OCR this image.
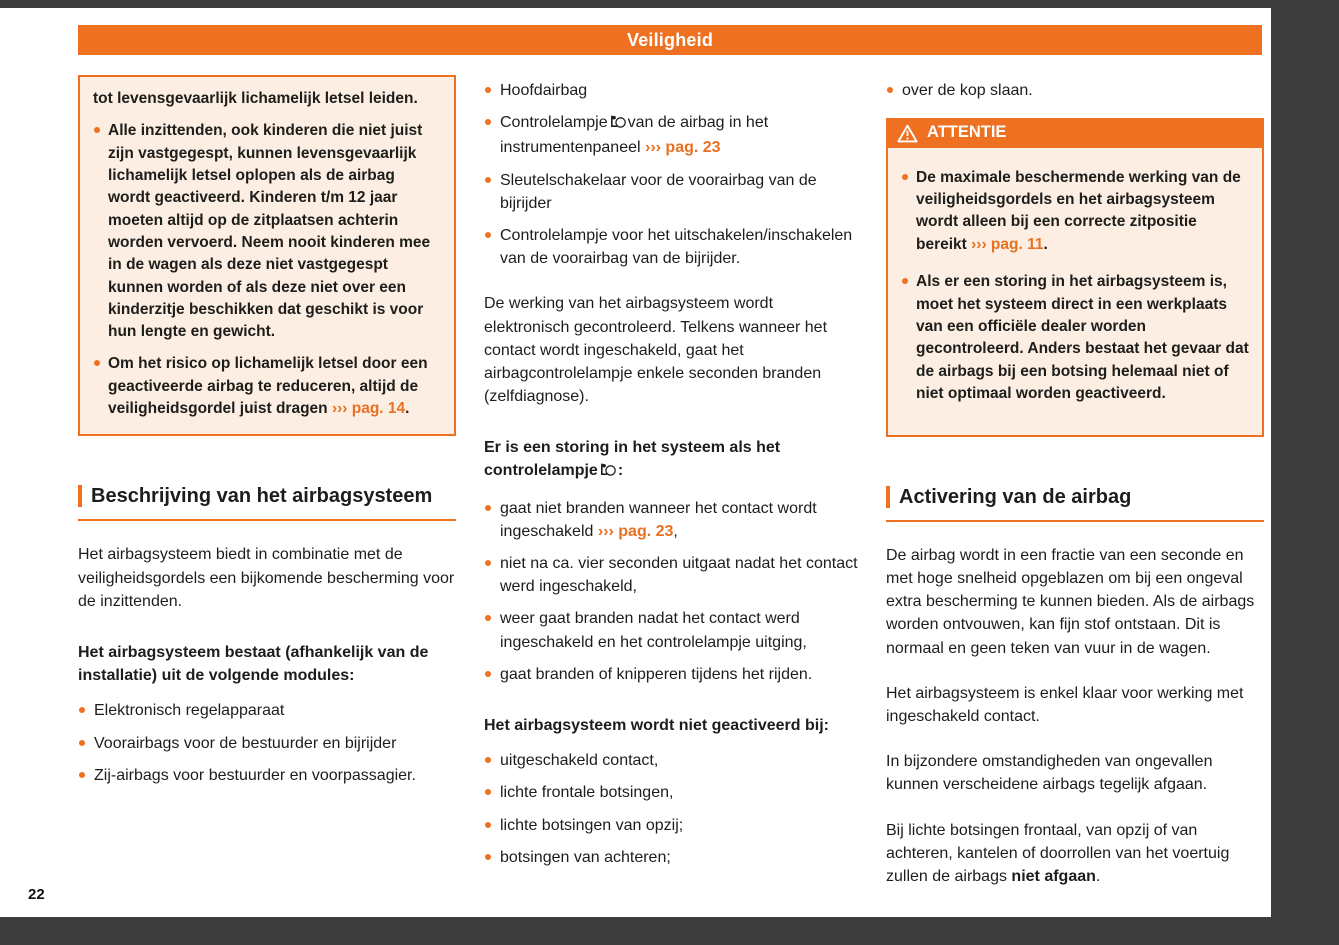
Veiligheid

tot levensgevaarlijk lichamelijk letsel leiden.

Alle inzittenden, ook kinderen die niet juist zijn vastgegespt, kunnen levensgevaarlijk lichamelijk letsel oplopen als de airbag wordt geactiveerd. Kinderen t/m 12 jaar moeten altijd op de zitplaatsen achterin worden vervoerd. Neem nooit kinderen mee in de wagen als deze niet vastgegespt kunnen worden of als deze niet over een kinderzitje beschikken dat geschikt is voor hun lengte en gewicht.

Om het risico op lichamelijk letsel door een geactiveerde airbag te reduceren, altijd de veiligheidsgordel juist dragen ››› pag. 14.

Beschrijving van het airbagsysteem

Het airbagsysteem biedt in combinatie met de veiligheidsgordels een bijkomende bescherming voor de inzittenden.

Het airbagsysteem bestaat (afhankelijk van de installatie) uit de volgende modules:

Elektronisch regelapparaat
Voorairbags voor de bestuurder en bijrijder
Zij-airbags voor bestuurder en voorpassagier.
Hoofdairbag
Controlelampje van de airbag in het instrumentenpaneel ››› pag. 23
Sleutelschakelaar voor de voorairbag van de bijrijder
Controlelampje voor het uitschakelen/inschakelen van de voorairbag van de bijrijder.

De werking van het airbagsysteem wordt elektronisch gecontroleerd. Telkens wanneer het contact wordt ingeschakeld, gaat het airbagcontrolelampje enkele seconden branden (zelfdiagnose).

Er is een storing in het systeem als het controlelampje :

gaat niet branden wanneer het contact wordt ingeschakeld ››› pag. 23,
niet na ca. vier seconden uitgaat nadat het contact werd ingeschakeld,
weer gaat branden nadat het contact werd ingeschakeld en het controlelampje uitging,
gaat branden of knipperen tijdens het rijden.

Het airbagsysteem wordt niet geactiveerd bij:

uitgeschakeld contact,
lichte frontale botsingen,
lichte botsingen van opzij;
botsingen van achteren;
over de kop slaan.
ATTENTIE

De maximale beschermende werking van de veiligheidsgordels en het airbagsysteem wordt alleen bij een correcte zitpositie bereikt ››› pag. 11.

Als er een storing in het airbagsysteem is, moet het systeem direct in een werkplaats van een officiële dealer worden gecontroleerd. Anders bestaat het gevaar dat de airbags bij een botsing helemaal niet of niet optimaal worden geactiveerd.

Activering van de airbag

De airbag wordt in een fractie van een seconde en met hoge snelheid opgeblazen om bij een ongeval extra bescherming te kunnen bieden. Als de airbags worden ontvouwen, kan fijn stof ontstaan. Dit is normaal en geen teken van vuur in de wagen.

Het airbagsysteem is enkel klaar voor werking met ingeschakeld contact.

In bijzondere omstandigheden van ongevallen kunnen verscheidene airbags tegelijk afgaan.

Bij lichte botsingen frontaal, van opzij of van achteren, kantelen of doorrollen van het voertuig zullen de airbags niet afgaan.

22
